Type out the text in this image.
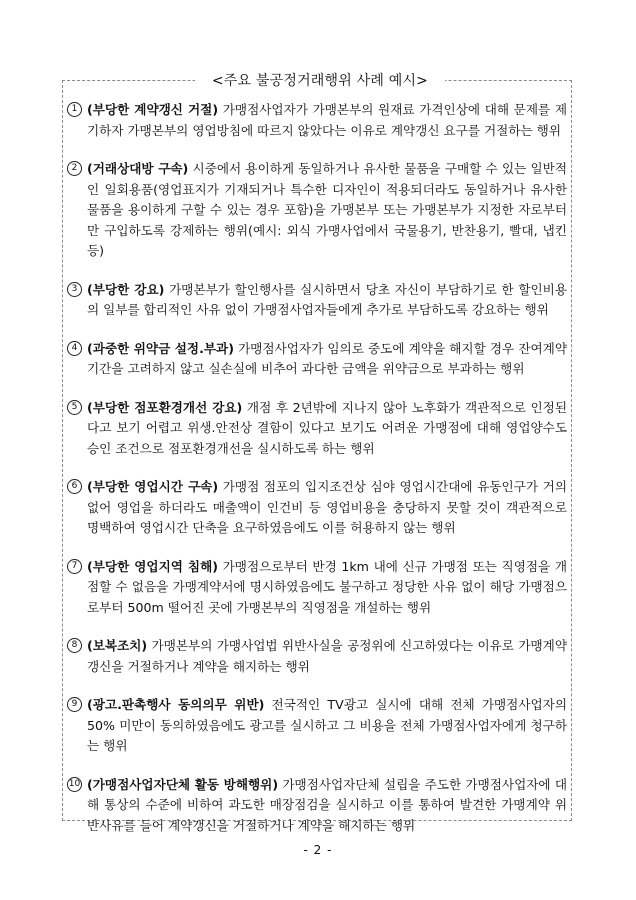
<주요 불공정거래행위 사례 예시>
1 (부당한 계약갱신 거절) 가맹점사업자가 가맹본부의 원재료 가격인상에 대해 문제를 제기하자 가맹본부의 영업방침에 따르지 않았다는 이유로 계약갱신 요구를 거절하는 행위
2 (거래상대방 구속) 시중에서 용이하게 동일하거나 유사한 물품을 구매할 수 있는 일반적인 일회용품(영업표지가 기재되거나 특수한 디자인이 적용되더라도 동일하거나 유사한 물품을 용이하게 구할 수 있는 경우 포함)을 가맹본부 또는 가맹본부가 지정한 자로부터만 구입하도록 강제하는 행위(예시: 외식 가맹사업에서 국물용기, 반찬용기, 빨대, 냅킨 등)
3 (부당한 강요) 가맹본부가 할인행사를 실시하면서 당초 자신이 부담하기로 한 할인비용의 일부를 합리적인 사유 없이 가맹점사업자들에게 추가로 부담하도록 강요하는 행위
4 (과중한 위약금 설정.부과) 가맹점사업자가 임의로 중도에 계약을 해지할 경우 잔여계약기간을 고려하지 않고 실손실에 비추어 과다한 금액을 위약금으로 부과하는 행위
5 (부당한 점포환경개선 강요) 개점 후 2년밖에 지나지 않아 노후화가 객관적으로 인정된다고 보기 어렵고 위생.안전상 결함이 있다고 보기도 어려운 가맹점에 대해 영업양수도 승인 조건으로 점포환경개선을 실시하도록 하는 행위
6 (부당한 영업시간 구속) 가맹점 점포의 입지조건상 심야 영업시간대에 유동인구가 거의 없어 영업을 하더라도 매출액이 인건비 등 영업비용을 충당하지 못할 것이 객관적으로 명백하여 영업시간 단축을 요구하였음에도 이를 허용하지 않는 행위
7 (부당한 영업지역 침해) 가맹점으로부터 반경 1km 내에 신규 가맹점 또는 직영점을 개점할 수 없음을 가맹계약서에 명시하였음에도 불구하고 정당한 사유 없이 해당 가맹점으로부터 500m 떨어진 곳에 가맹본부의 직영점을 개설하는 행위
8 (보복조치) 가맹본부의 가맹사업법 위반사실을 공정위에 신고하였다는 이유로 가맹계약 갱신을 거절하거나 계약을 해지하는 행위
9 (광고.판촉행사 동의의무 위반) 전국적인 TV광고 실시에 대해 전체 가맹점사업자의 50% 미만이 동의하였음에도 광고를 실시하고 그 비용을 전체 가맹점사업자에게 청구하는 행위
10 (가맹점사업자단체 활동 방해행위) 가맹점사업자단체 설립을 주도한 가맹점사업자에 대해 통상의 수준에 비하여 과도한 매장점검을 실시하고 이를 통하여 발견한 가맹계약 위반사유를 들어 계약갱신을 거절하거나 계약을 해지하는 행위
- 2 -
